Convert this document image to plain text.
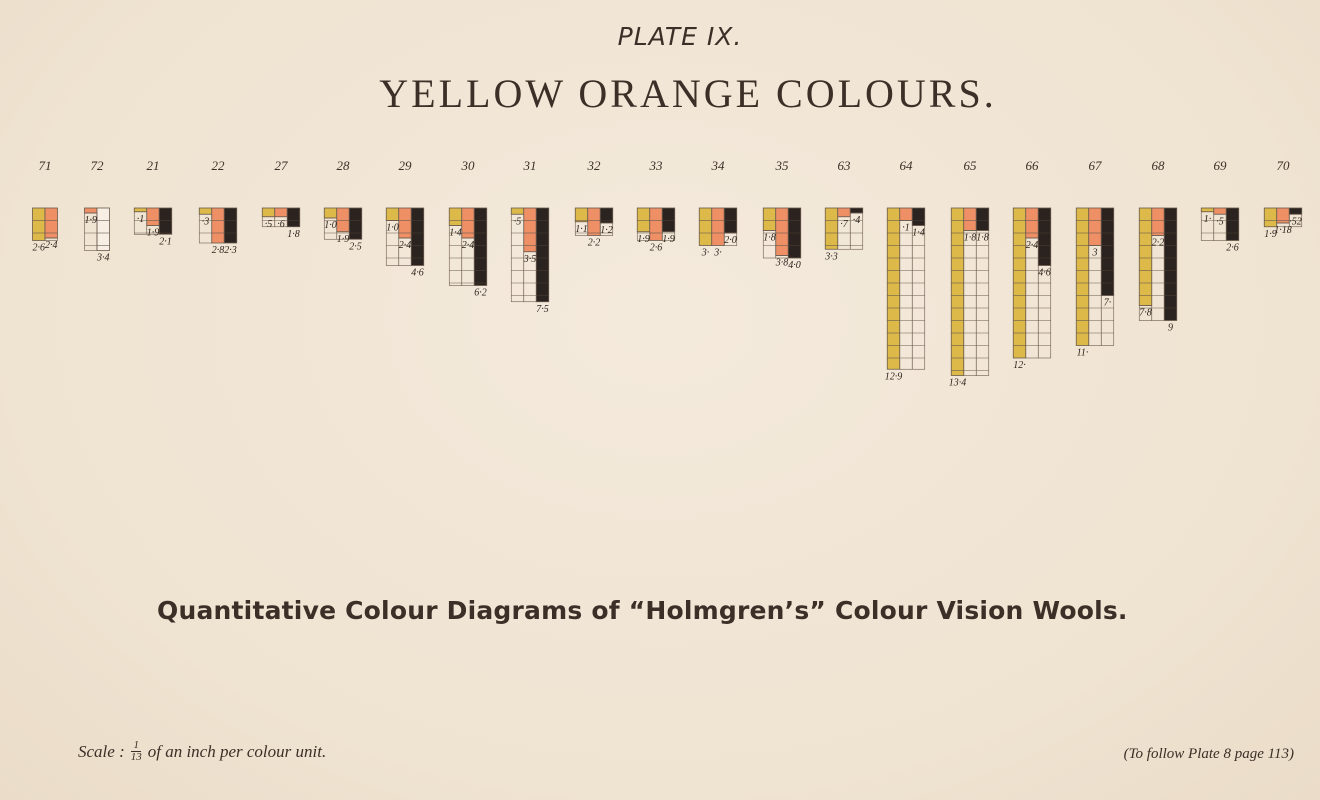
PLATE IX.
YELLOW ORANGE COLOURS.
71
2·6 2·4
72
1·9
3·4
21
·1
1·9
2·1
22
·3
2·8 2·3
27
·5 ·6
1·8
28
1·0
1·9
2·5
29
1·0
2·4
4·6
30
1·4
2·4
6·2
31
·5
3·5
7·5
32
1·1
2·2
1·2
33
1·9
2·6
1·9
34
3· 3·
2·0
35
1·8
3·8 4·0
63
3·3
·7 ·4
64
12·9
·1 1·4
65
13·4
1·8 1·8
66
12·
2·4
4·6
67
11·
3
7·
68
7·8
2·2
9
69
1· ·5
2·6
70
1·9
1·18
·52
Quantitative Colour Diagrams of “Holmgren’s” Colour Vision Wools.
Scale : $\frac{1}{13}$ of an inch per colour unit.	(To follow Plate 8 page 113)
